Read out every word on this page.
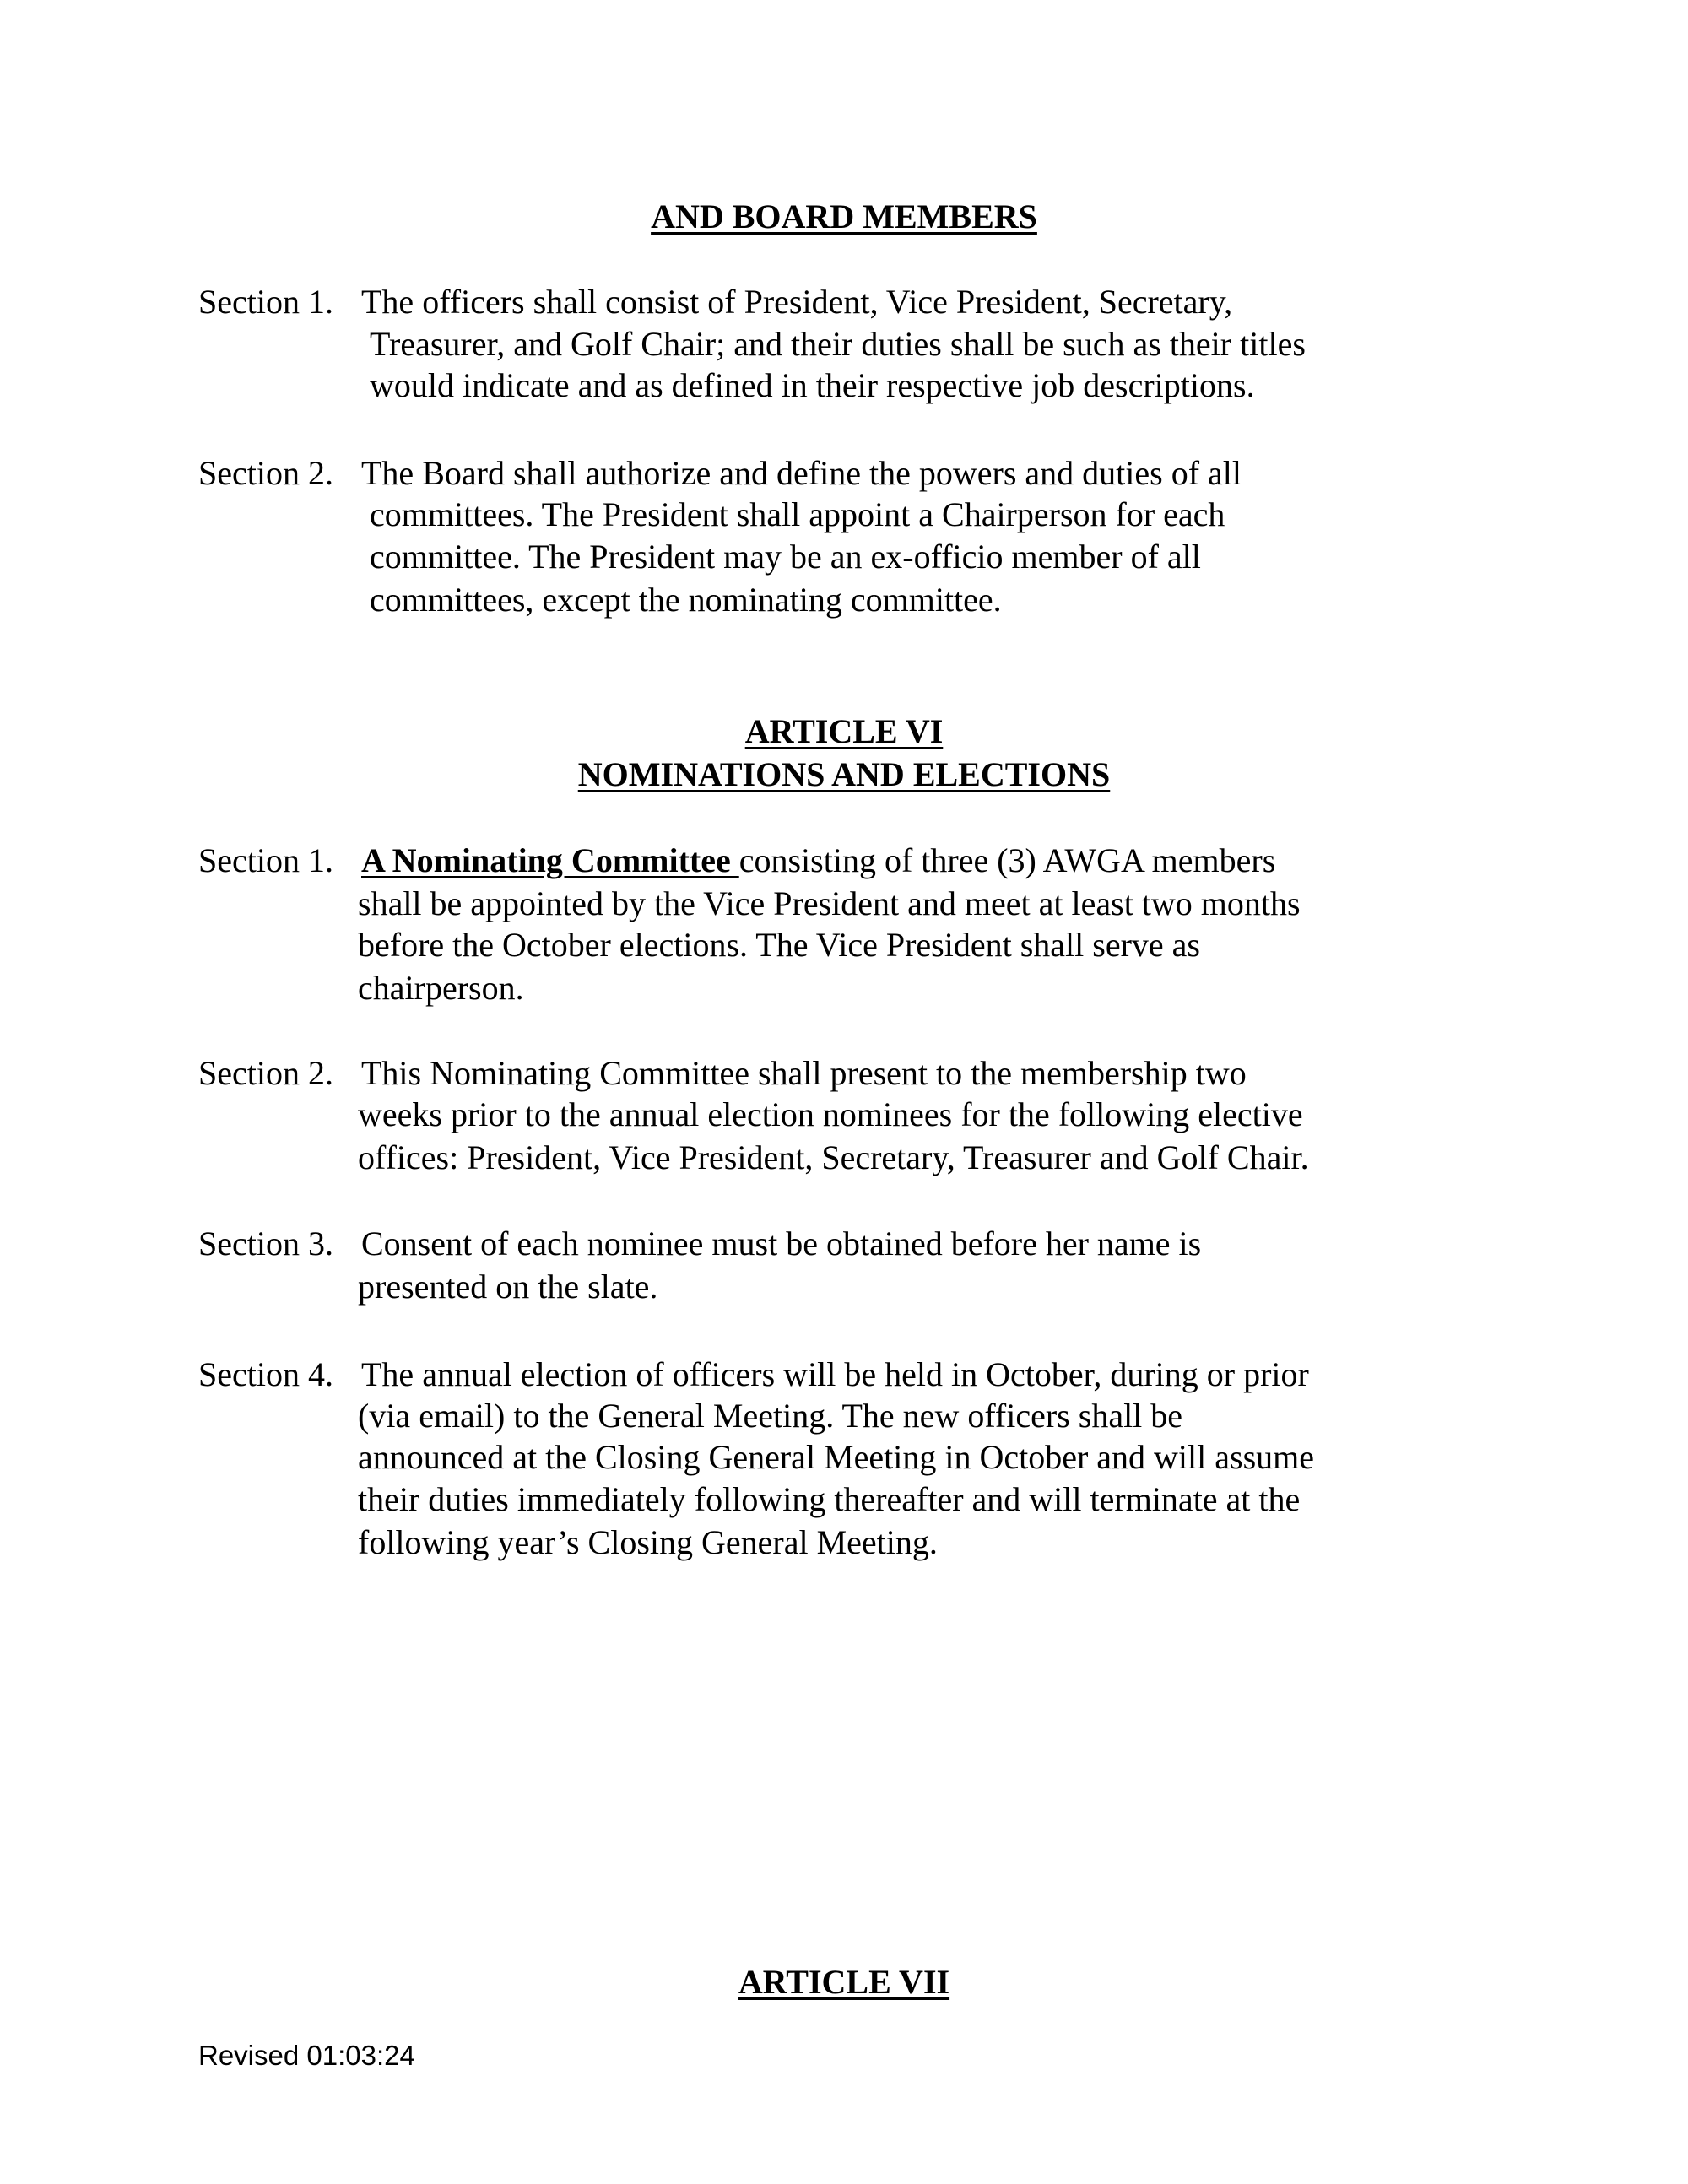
AND BOARD MEMBERS
Section 1. The officers shall consist of President, Vice President, Secretary,
Treasurer, and Golf Chair; and their duties shall be such as their titles
would indicate and as defined in their respective job descriptions.
Section 2. The Board shall authorize and define the powers and duties of all
committees. The President shall appoint a Chairperson for each
committee. The President may be an ex-officio member of all
committees, except the nominating committee.
ARTICLE VI
NOMINATIONS AND ELECTIONS
Section 1. A Nominating Committee consisting of three (3) AWGA members
shall be appointed by the Vice President and meet at least two months
before the October elections. The Vice President shall serve as
chairperson.
Section 2. This Nominating Committee shall present to the membership two
weeks prior to the annual election nominees for the following elective
offices: President, Vice President, Secretary, Treasurer and Golf Chair.
Section 3. Consent of each nominee must be obtained before her name is
presented on the slate.
Section 4. The annual election of officers will be held in October, during or prior
(via email) to the General Meeting. The new officers shall be
announced at the Closing General Meeting in October and will assume
their duties immediately following thereafter and will terminate at the
following year’s Closing General Meeting.
ARTICLE VII
Revised 01:03:24
